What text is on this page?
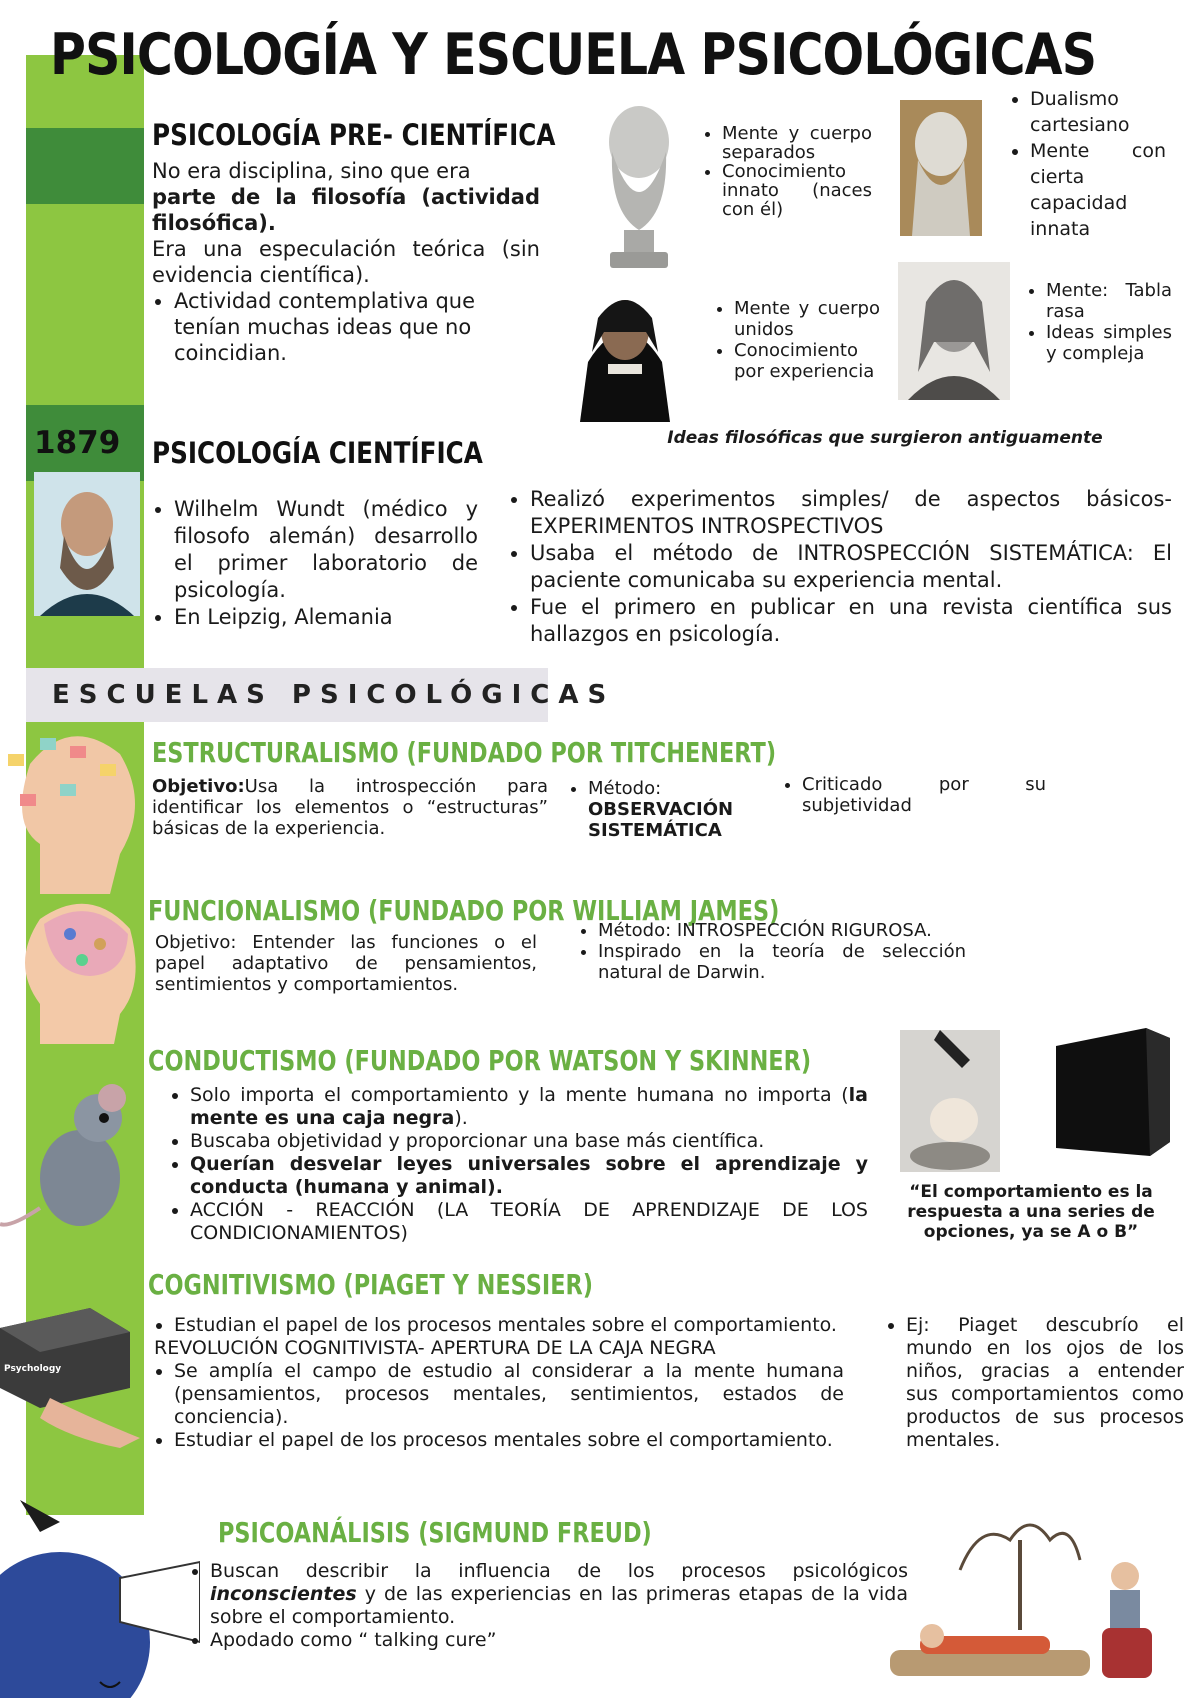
1879
PSICOLOGÍA Y ESCUELA PSICOLÓGICAS
PSICOLOGÍA PRE- CIENTÍFICA
No era disciplina, sino que era
parte de la filosofía (actividad filosófica).
Era una especulación teórica (sin evidencia científica).
• Actividad contemplativa que tenían muchas ideas que no coincidian.
• Mente y cuerpo separados
• Conocimiento innato (naces con él)
• Dualismo cartesiano
• Mente con cierta capacidad innata
• Mente y cuerpo unidos
• Conocimiento por experiencia
• Mente: Tabla rasa
• Ideas simples y compleja
Ideas filosóficas que surgieron antiguamente
PSICOLOGÍA CIENTÍFICA
• Wilhelm Wundt (médico y filosofo alemán) desarrollo el primer laboratorio de psicología.
• En Leipzig, Alemania
• Realizó experimentos simples/ de aspectos básicos- EXPERIMENTOS INTROSPECTIVOS
• Usaba el método de INTROSPECCIÓN SISTEMÁTICA: El paciente comunicaba su experiencia mental.
• Fue el primero en publicar en una revista científica sus hallazgos en psicología.
ESCUELAS PSICOLÓGICAS
ESTRUCTURALISMO (FUNDADO POR TITCHENERT)
Objetivo:Usa la introspección para identificar los elementos o “estructuras” básicas de la experiencia.
• Método:
OBSERVACIÓN SISTEMÁTICA
• Criticado por su subjetividad
FUNCIONALISMO (FUNDADO POR WILLIAM JAMES)
Objetivo: Entender las funciones o el papel adaptativo de pensamientos, sentimientos y comportamientos.
• Método: INTROSPECCIÓN RIGUROSA.
• Inspirado en la teoría de selección natural de Darwin.
CONDUCTISMO (FUNDADO POR WATSON Y SKINNER)
• Solo importa el comportamiento y la mente humana no importa (la mente es una caja negra).
• Buscaba objetividad y proporcionar una base más científica.
• Querían desvelar leyes universales sobre el aprendizaje y conducta (humana y animal).
• ACCIÓN - REACCIÓN (LA TEORÍA DE APRENDIZAJE DE LOS CONDICIONAMIENTOS)
“El comportamiento es la respuesta a una series de opciones, ya se A o B”
Psychology
COGNITIVISMO (PIAGET Y NESSIER)
• Estudian el papel de los procesos mentales sobre el comportamiento.
REVOLUCIÓN COGNITIVISTA- APERTURA DE LA CAJA NEGRA
• Se amplía el campo de estudio al considerar a la mente humana (pensamientos, procesos mentales, sentimientos, estados de conciencia).
• Estudiar el papel de los procesos mentales sobre el comportamiento.
• Ej: Piaget descubrío el mundo en los ojos de los niños, gracias a entender sus comportamientos como productos de sus procesos mentales.
PSICOANÁLISIS (SIGMUND FREUD)
• Buscan describir la influencia de los procesos psicológicos inconscientes y de las experiencias en las primeras etapas de la vida sobre el comportamiento.
• Apodado como “ talking cure”
